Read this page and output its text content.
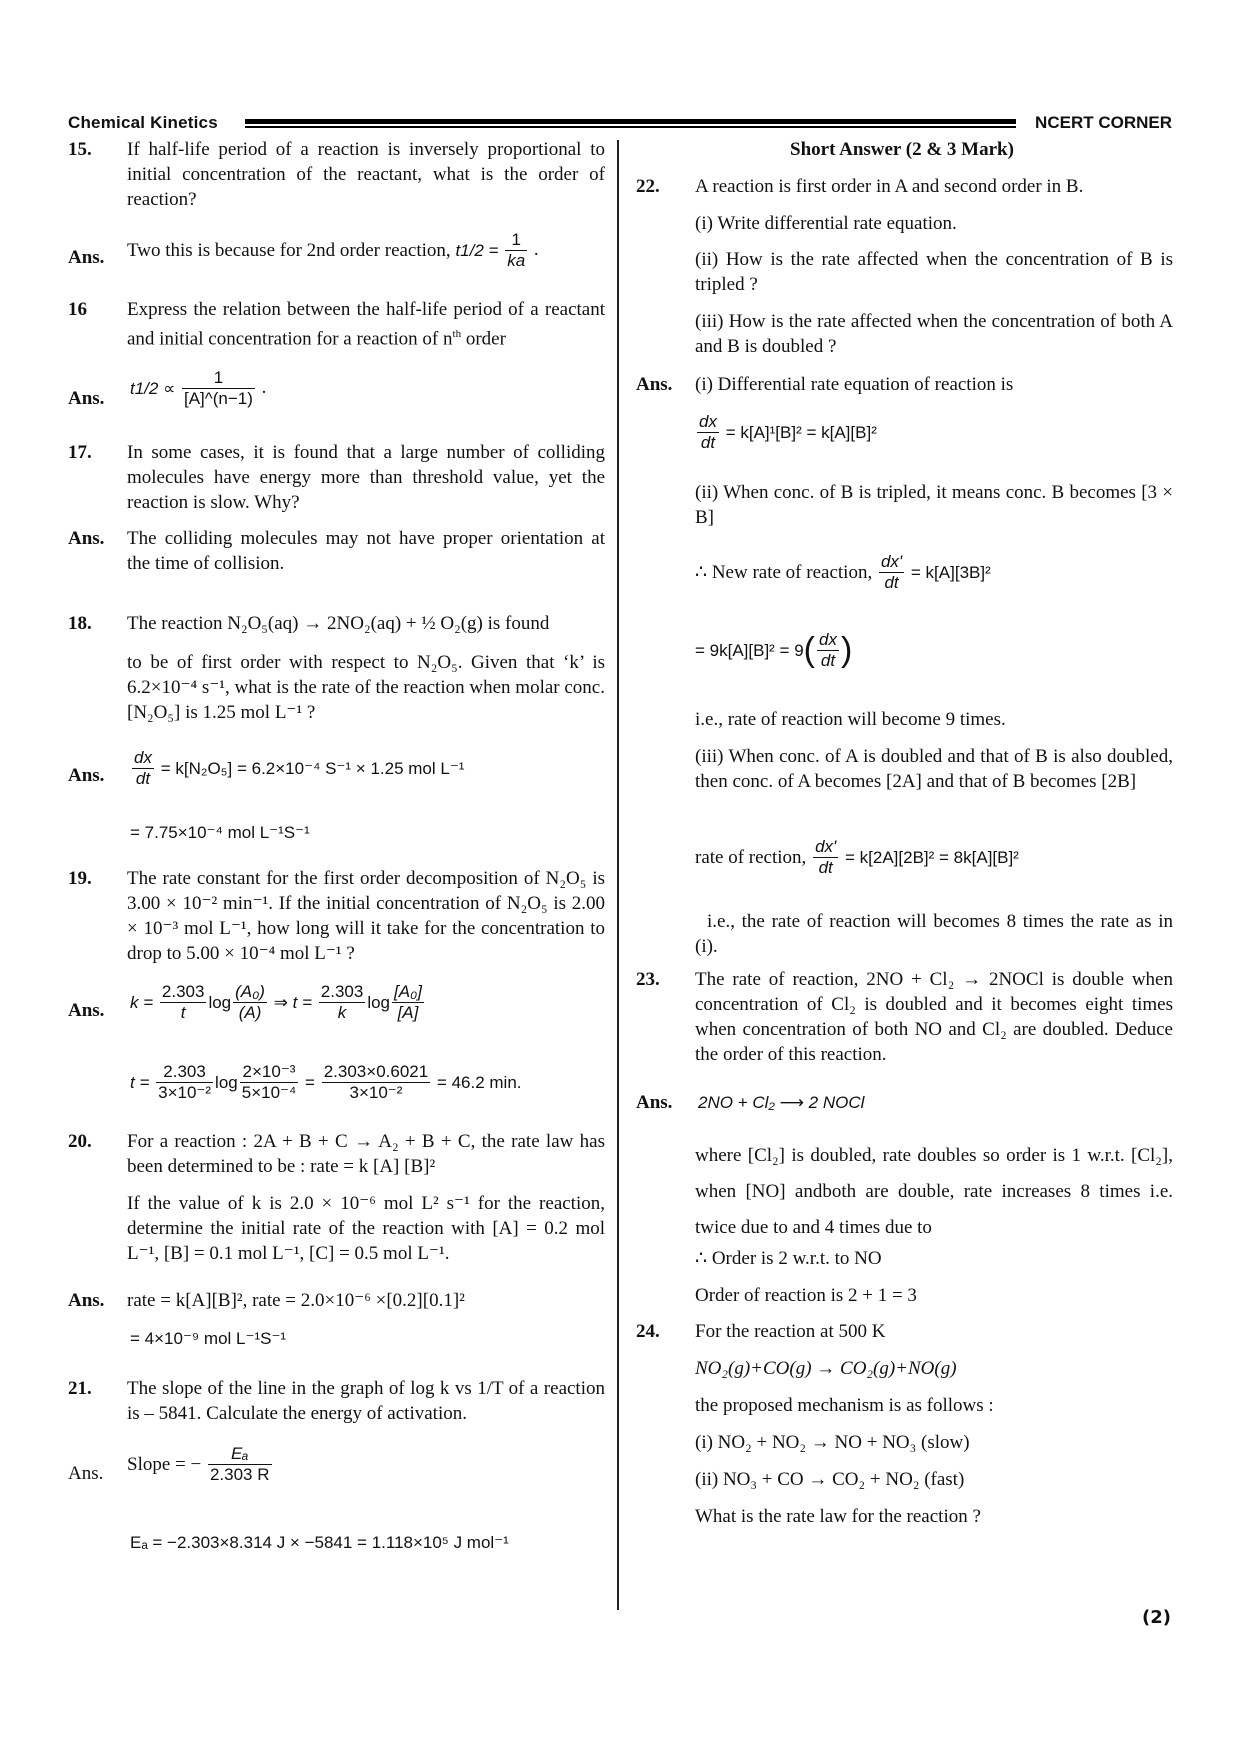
Chemical Kinetics	NCERT CORNER
15. If half-life period of a reaction is inversely proportional to initial concentration of the reactant, what is the order of reaction?
Ans. Two this is because for 2nd order reaction, $t1/2 = \frac{1}{ka}$ .
16 Express the relation between the half-life period of a reactant and initial concentration for a reaction of $n^{th}$ order
Ans. $t1/2 \propto \frac{1}{[A]\^{}(n-1)}$ .
17. In some cases, it is found that a large number of colliding molecules have energy more than threshold value, yet the reaction is slow. Why?
Ans. The colliding molecules may not have proper orientation at the time of collision.
18. The reaction N₂O₅(aq) → 2NO₂(aq) + ½ O₂(g) is found
to be of first order with respect to N₂O₅. Given that ‘k’ is 6.2×10⁻⁴ s⁻¹, what is the rate of the reaction when molar conc. [N₂O₅] is 1.25 mol L⁻¹ ?
Ans. $\frac{dx}{dt} = k[N_2O_5] = 6.2\times 10^{-4}$ S⁻¹ × 1.25 mol L⁻¹
= 7.75×10⁻⁴ mol L⁻¹S⁻¹
19. The rate constant for the first order decomposition of N₂O₅ is 3.00 × 10⁻² min⁻¹. If the initial concentration of N₂O₅ is 2.00 × 10⁻³ mol L⁻¹, how long will it take for the concentration to drop to 5.00 × 10⁻⁴ mol L⁻¹ ?
Ans. $k = \frac{2.303}{t}$ $\log \frac{\text{(A₀)}}{(A)}$ ⇒ $t = \frac{2.303}{k}$ $\log \frac{\text{[A₀]}}{[A]}$
$t = \frac{2.303}{\text{3×10⁻²}}$ $\log \frac{\text{2×10⁻³}}{\text{5×10⁻⁴}} = \frac{2.303\times 0.6021}{\text{3×10⁻²}} = 46.2$ min.
20. For a reaction : 2A + B + C → A₂ + B + C, the rate law has been determined to be : rate = k [A] [B]²
If the value of k is 2.0 × 10⁻⁶ mol L² s⁻¹ for the reaction, determine the initial rate of the reaction with [A] = 0.2 mol L⁻¹, [B] = 0.1 mol L⁻¹, [C] = 0.5 mol L⁻¹.
Ans. rate = k[A][B]², rate = 2.0×10⁻⁶ ×[0.2][0.1]²
= 4×10⁻⁹ mol L⁻¹S⁻¹
21. The slope of the line in the graph of log k vs 1/T of a reaction is – 5841. Calculate the energy of activation.
Ans. Slope = − $\frac{\text{Eₐ}}{2.303 R}$
Eₐ = −2.303×8.314 J × −5841 = 1.118×10⁵ J mol⁻¹
Short Answer (2 & 3 Mark)
22. A reaction is first order in A and second order in B.
(i) Write differential rate equation.
(ii) How is the rate affected when the concentration of B is tripled ?
(iii) How is the rate affected when the concentration of both A and B is doubled ?
Ans. (i) Differential rate equation of reaction is
$\frac{dx}{dt} = k[A]^1[B]^2 = k[A][B]^2$
(ii) When conc. of B is tripled, it means conc. B becomes [3 × B]
∴ New rate of reaction, $\frac{dx'}{dt} = k[A][3B]^2$
= $9k[A][B]^2 = 9( \frac{dx}{dt}$ )
i.e., rate of reaction will become 9 times.
(iii) When conc. of A is doubled and that of B is also doubled, then conc. of A becomes [2A] and that of B becomes [2B]
rate of rection, $\frac{dx'}{dt} = k[2A][2B]^2 = 8k[A][B]^2$
i.e., the rate of reaction will becomes 8 times the rate as in (i).
23. The rate of reaction, 2NO + Cl₂ → 2NOCl is double when concentration of Cl₂ is doubled and it becomes eight times when concentration of both NO and Cl₂ are doubled. Deduce the order of this reaction.
Ans. 2NO + Cl₂ ⟶ 2 NOCl
where [Cl₂] is doubled, rate doubles so order is 1 w.r.t. [Cl₂], when [NO] andboth are double, rate increases 8 times i.e. twice due to and 4 times due to
∴ Order is 2 w.r.t. to NO
Order of reaction is 2 + 1 = 3
24. For the reaction at 500 K
NO₂(g)+CO(g) → CO₂(g)+NO(g)
the proposed mechanism is as follows :
(i) NO₂ + NO₂ → NO + NO₃ (slow)
(ii) NO₃ + CO → CO₂ + NO₂ (fast)
What is the rate law for the reaction ?
(2)
